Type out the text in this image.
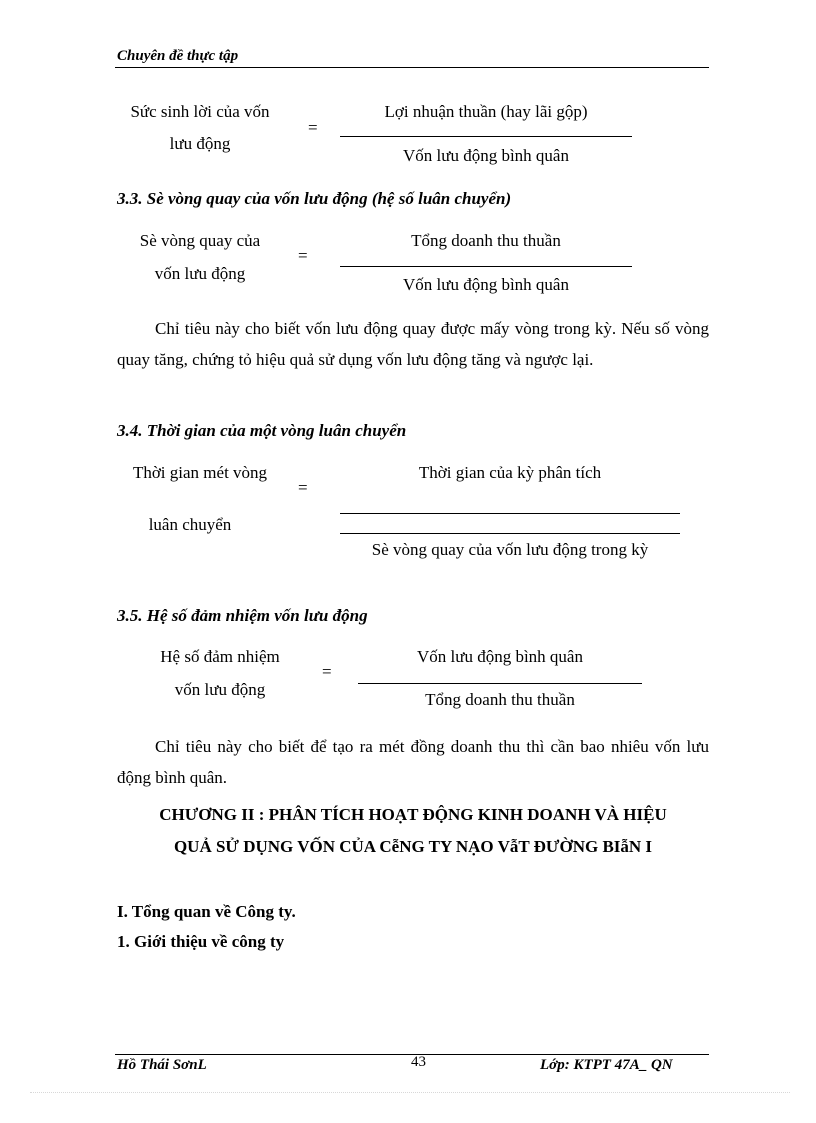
Chuyên đề thực tập
Sức sinh lời của vốn
lưu động
=
Lợi nhuận thuần (hay lãi gộp)
Vốn lưu động bình quân
3.3. Sè vòng quay của vốn lưu động (hệ số luân chuyển)
Sè vòng quay của
vốn lưu động
=
Tổng doanh thu thuần
Vốn lưu động bình quân
Chỉ tiêu này cho biết vốn lưu động quay được mấy vòng trong kỳ. Nếu số vòng quay tăng, chứng tỏ hiệu quả sử dụng vốn lưu động tăng và ngược lại.
3.4. Thời gian của một vòng luân chuyển
Thời gian mét vòng
luân chuyển
=
Thời gian của kỳ phân tích
Sè vòng quay của vốn lưu động trong kỳ
3.5. Hệ số đảm nhiệm vốn lưu động
Hệ số đảm nhiệm
vốn lưu động
=
Vốn lưu động bình quân
Tổng doanh thu thuần
Chỉ tiêu này cho biết để tạo ra mét đồng doanh thu thì cần bao nhiêu vốn lưu động bình quân.
CHƯƠNG II : PHÂN TÍCH HOẠT ĐỘNG KINH DOANH VÀ HIỆU
QUẢ SỬ DỤNG VỐN CỦA CễNG TY NẠO VẫT ĐƯỜNG BIẫN I
I. Tổng quan về Công ty.
1. Giới thiệu về công ty
Hồ Thái SơnL	43	Lớp: KTPT 47A_ QN
